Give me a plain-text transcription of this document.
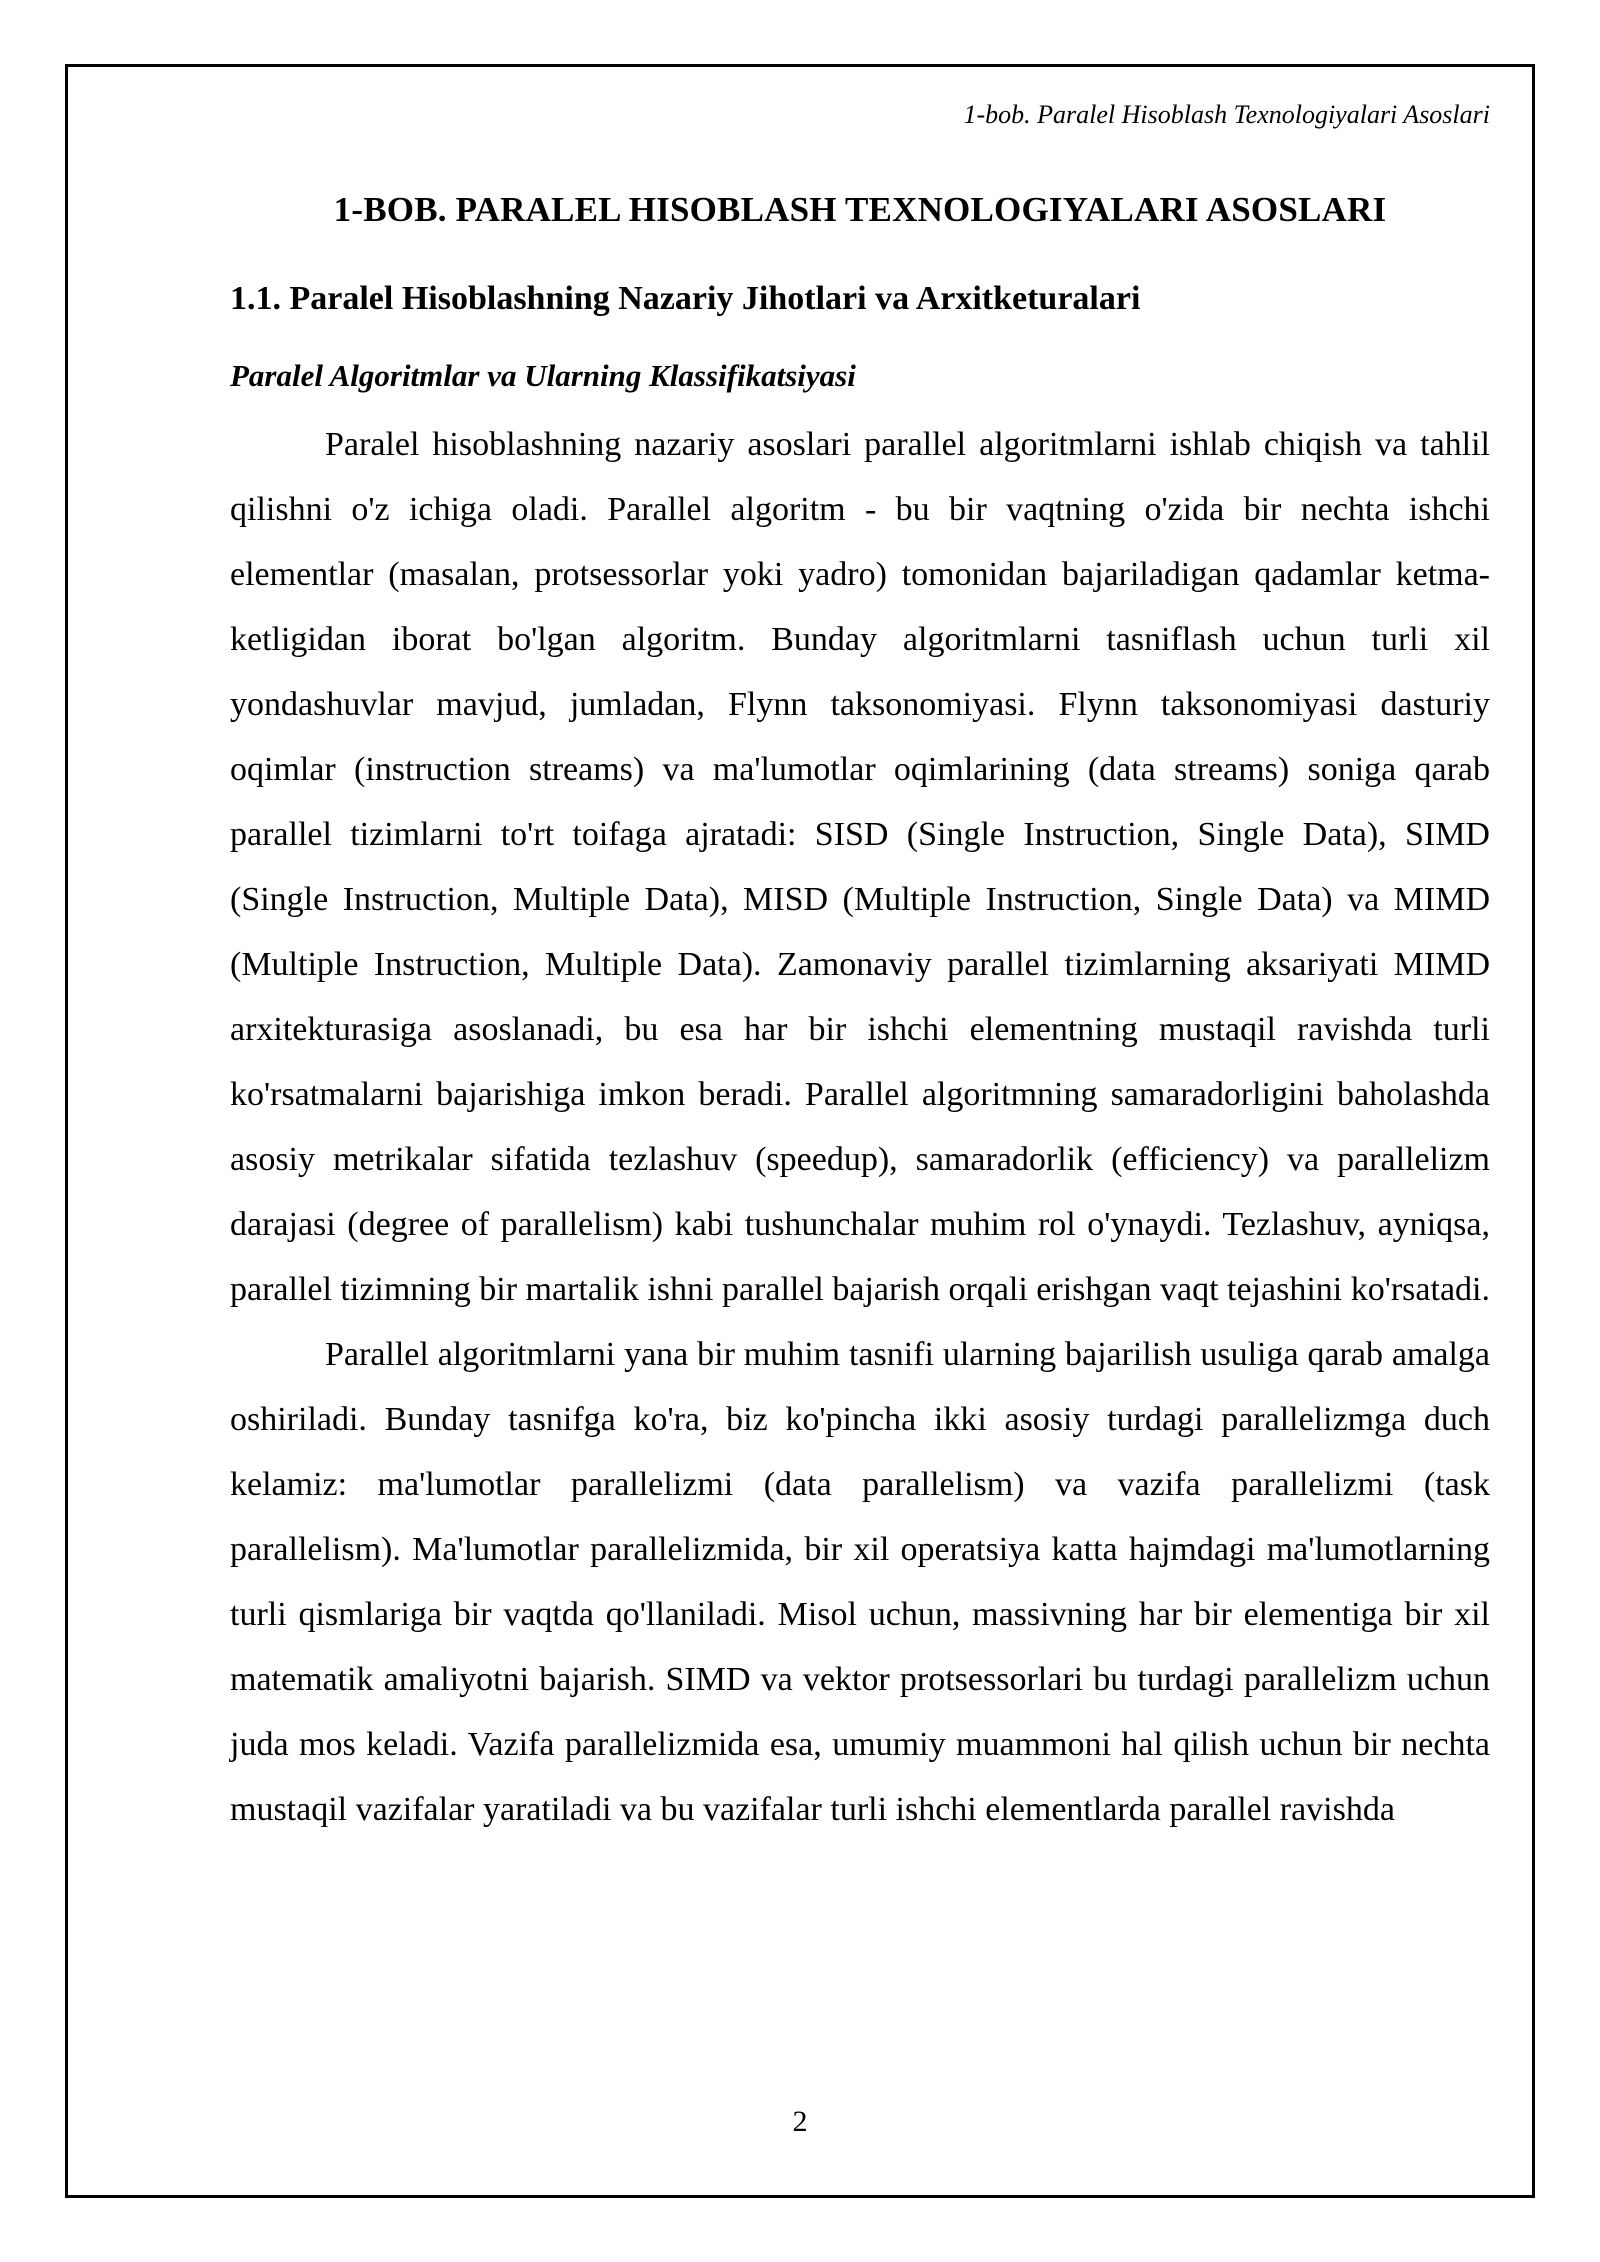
1-bob. Paralel Hisoblash Texnologiyalari Asoslari
1-BOB. PARALEL HISOBLASH TEXNOLOGIYALARI ASOSLARI
1.1. Paralel Hisoblashning Nazariy Jihotlari va Arxitketuralari
Paralel Algoritmlar va Ularning Klassifikatsiyasi

Paralel hisoblashning nazariy asoslari parallel algoritmlarni ishlab chiqish va tahlil qilishni o'z ichiga oladi. Parallel algoritm - bu bir vaqtning o'zida bir nechta ishchi elementlar (masalan, protsessorlar yoki yadro) tomonidan bajariladigan qadamlar ketma-ketligidan iborat bo'lgan algoritm. Bunday algoritmlarni tasniflash uchun turli xil yondashuvlar mavjud, jumladan, Flynn taksonomiyasi. Flynn taksonomiyasi dasturiy oqimlar (instruction streams) va ma'lumotlar oqimlarining (data streams) soniga qarab parallel tizimlarni to'rt toifaga ajratadi: SISD (Single Instruction, Single Data), SIMD (Single Instruction, Multiple Data), MISD (Multiple Instruction, Single Data) va MIMD (Multiple Instruction, Multiple Data). Zamonaviy parallel tizimlarning aksariyati MIMD arxitekturasiga asoslanadi, bu esa har bir ishchi elementning mustaqil ravishda turli ko'rsatmalarni bajarishiga imkon beradi. Parallel algoritmning samaradorligini baholashda asosiy metrikalar sifatida tezlashuv (speedup), samaradorlik (efficiency) va parallelizm darajasi (degree of parallelism) kabi tushunchalar muhim rol o'ynaydi. Tezlashuv, ayniqsa, parallel tizimning bir martalik ishni parallel bajarish orqali erishgan vaqt tejashini ko'rsatadi.

Parallel algoritmlarni yana bir muhim tasnifi ularning bajarilish usuliga qarab amalga oshiriladi. Bunday tasnifga ko'ra, biz ko'pincha ikki asosiy turdagi parallelizmga duch kelamiz: ma'lumotlar parallelizmi (data parallelism) va vazifa parallelizmi (task parallelism). Ma'lumotlar parallelizmida, bir xil operatsiya katta hajmdagi ma'lumotlarning turli qismlariga bir vaqtda qo'llaniladi. Misol uchun, massivning har bir elementiga bir xil matematik amaliyotni bajarish. SIMD va vektor protsessorlari bu turdagi parallelizm uchun juda mos keladi. Vazifa parallelizmida esa, umumiy muammoni hal qilish uchun bir nechta mustaqil vazifalar yaratiladi va bu vazifalar turli ishchi elementlarda parallel ravishda

2
